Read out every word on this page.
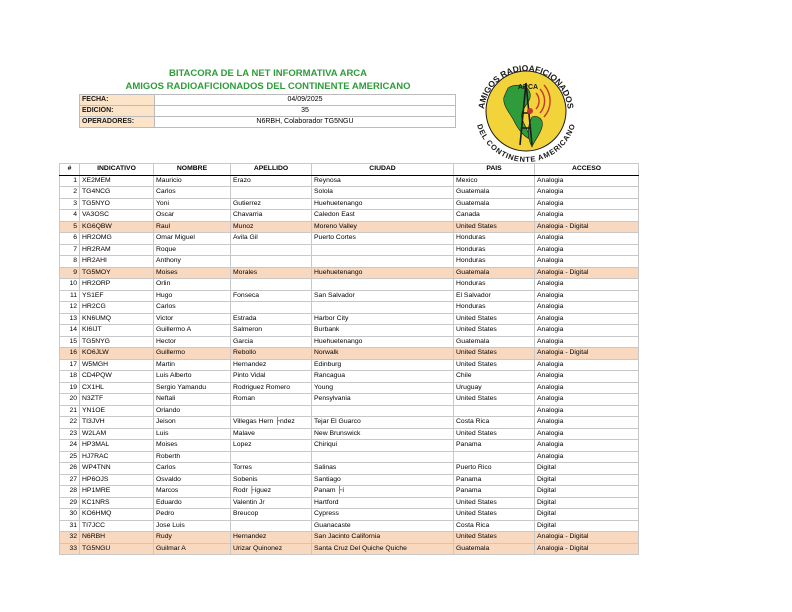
BITACORA DE LA NET INFORMATIVA ARCA
AMIGOS RADIOAFICIONADOS DEL CONTINENTE AMERICANO
FECHA:	04/09/2025
EDICIÓN:	35
OPERADORES:	N6RBH, Colaborador TG5NGU
AMIGOS RADIOAFICIONADOS
DEL CONTINENTE AMERICANO
ARCA
#	INDICATIVO	NOMBRE	APELLIDO	CIUDAD	PAIS	ACCESO
1	XE2MEM	Mauricio	Erazo	Reynosa	Mexico	Analogia
2	TG4NCG	Carlos		Solola	Guatemala	Analogia
3	TG5NYO	Yoni	Gutierrez	Huehuetenango	Guatemala	Analogia
4	VA3OSC	Oscar	Chavarria	Caledon East	Canada	Analogia
5	KG6QBW	Raul	Munoz	Moreno Valley	United States	Analogia - Digital
6	HR2OMG	Omar Miguel	Avila Gil	Puerto Cortes	Honduras	Analogia
7	HR2RAM	Roque			Honduras	Analogia
8	HR2AHI	Anthony			Honduras	Analogia
9	TG5MOY	Moises	Morales	Huehuetenango	Guatemala	Analogia - Digital
10	HR2ORP	Orlin			Honduras	Analogia
11	YS1EF	Hugo	Fonseca	San Salvador	El Salvador	Analogia
12	HR2CG	Carlos			Honduras	Analogia
13	KN6UMQ	Victor	Estrada	Harbor City	United States	Analogia
14	KI6IJT	Guillermo A	Salmeron	Burbank	United States	Analogia
15	TG5NYG	Hector	Garcia	Huehuetenango	Guatemala	Analogia
16	KO6JLW	Guillermo	Rebollo	Norwalk	United States	Analogia - Digital
17	W5MGH	Martin	Hernandez	Edinburg	United States	Analogia
18	CD4PQW	Luis Alberto	Pinto Vidal	Rancagua	Chile	Analogia
19	CX1HL	Sergio Yamandu	Rodriguez Romero	Young	Uruguay	Analogia
20	N3ZTF	Neftali	Roman	Pensylvania	United States	Analogia
21	YN1OE	Orlando				Analogia
22	TI3JVH	Jeison	Villegas Hern ├ndez	Tejar El Guarco	Costa Rica	Analogia
23	W2LAM	Luis	Malave	New Brunswick	United States	Analogia
24	HP3MAL	Moises	Lopez	Chiriqui	Panama	Analogia
25	HJ7RAC	Roberth				Analogia
26	WP4TNN	Carlos	Torres	Salinas	Puerto Rico	Digital
27	HP6OJS	Osvaldo	Sobenis	Santiago	Panama	Digital
28	HP1MRE	Marcos	Rodr ├íguez	Panam ├í	Panama	Digital
29	KC1NRS	Eduardo	Valentin Jr	Hartford	United States	Digital
30	KO6HMQ	Pedro	Breucop	Cypress	United States	Digital
31	TI7JCC	Jose Luis		Guanacaste	Costa Rica	Digital
32	N6RBH	Rudy	Hernandez	San Jacinto California	United States	Analogia - Digital
33	TG5NGU	Guilmar A	Urizar Quinonez	Santa Cruz Del Quiche Quiche	Guatemala	Analogia - Digital
